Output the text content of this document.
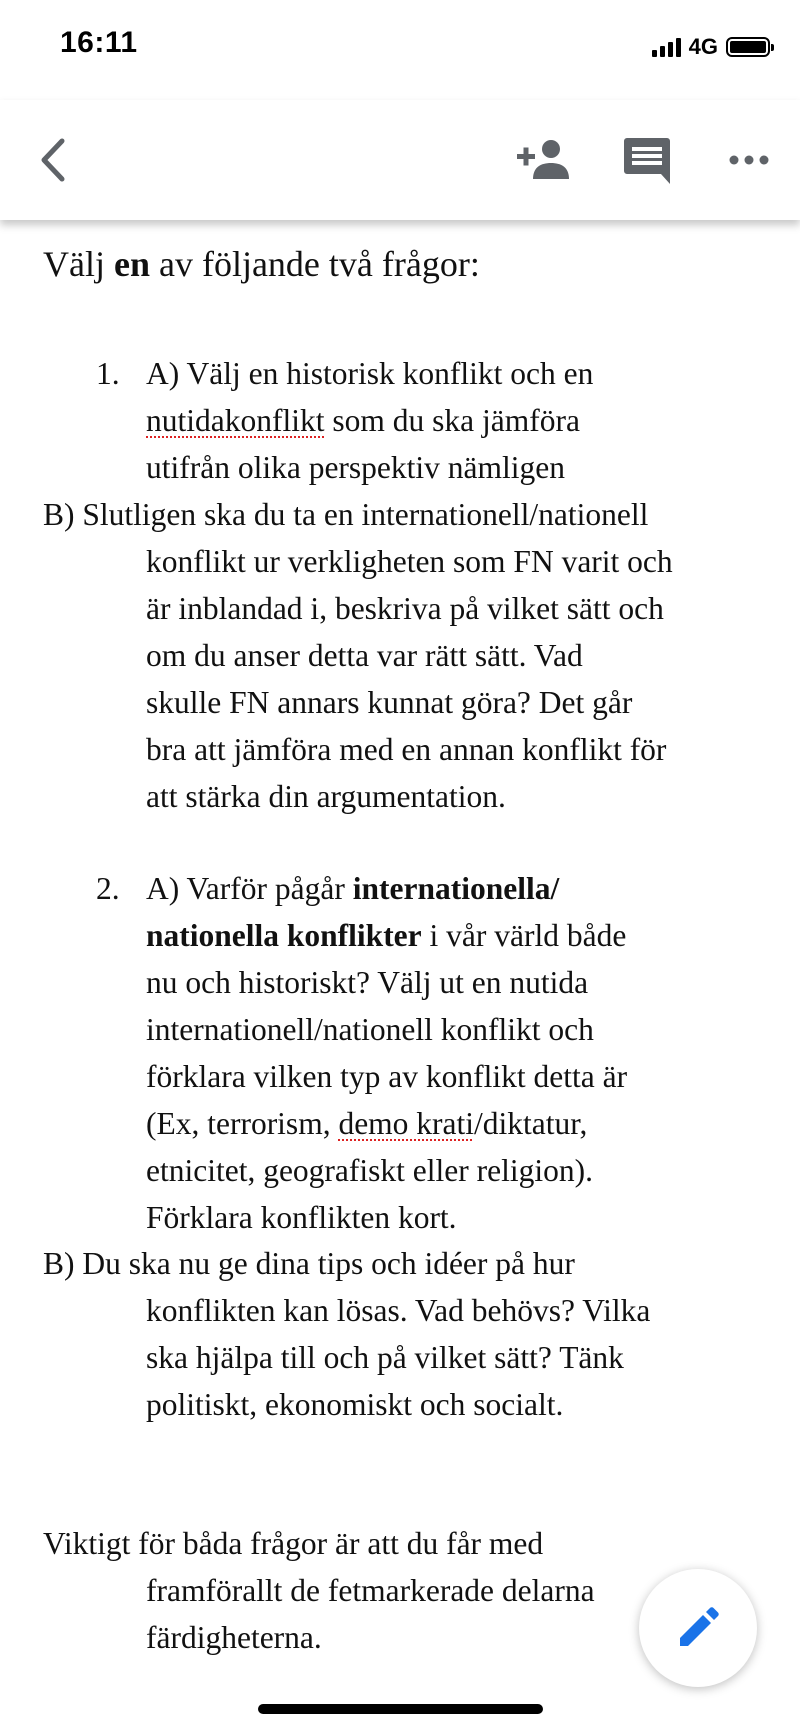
16:11	4G
Välj en av följande två frågor:
1. A) Välj en historisk konflikt och en
nutidakonflikt som du ska jämföra
utifrån olika perspektiv nämligen
B) Slutligen ska du ta en internationell/nationell
konflikt ur verkligheten som FN varit och
är inblandad i, beskriva på vilket sätt och
om du anser detta var rätt sätt. Vad
skulle FN annars kunnat göra? Det går
bra att jämföra med en annan konflikt för
att stärka din argumentation.
2. A) Varför pågår internationella/
nationella konflikter i vår värld både
nu och historiskt? Välj ut en nutida
internationell/nationell konflikt och
förklara vilken typ av konflikt detta är
(Ex, terrorism, demo krati/diktatur,
etnicitet, geografiskt eller religion).
Förklara konflikten kort.
B) Du ska nu ge dina tips och idéer på hur
konflikten kan lösas. Vad behövs? Vilka
ska hjälpa till och på vilket sätt? Tänk
politiskt, ekonomiskt och socialt.
Viktigt för båda frågor är att du får med
framförallt de fetmarkerade delarna
färdigheterna.
